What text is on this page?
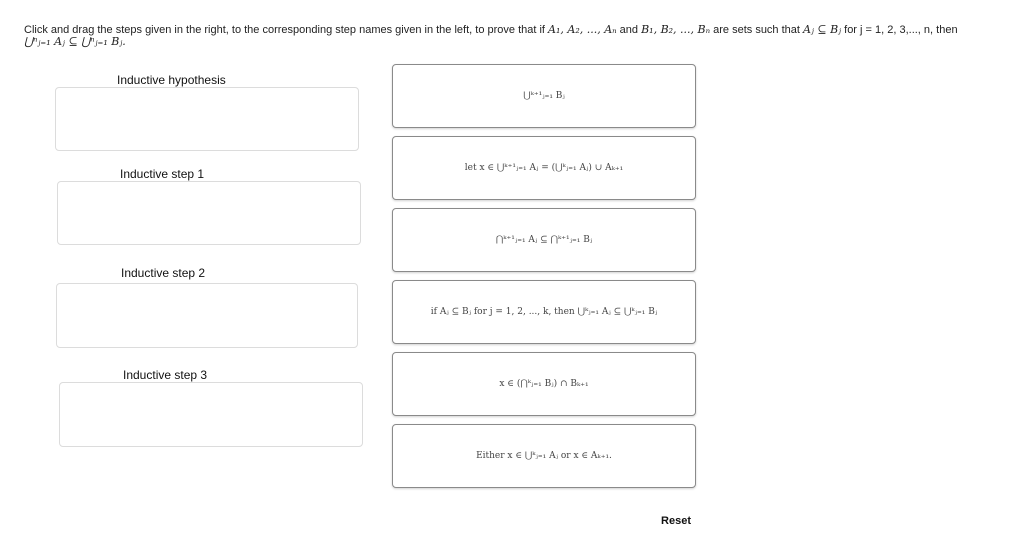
Click and drag the steps given in the right, to the corresponding step names given in the left, to prove that if A₁, A₂, ..., Aₙ and B₁, B₂, ..., Bₙ are sets such that Aⱼ ⊆ Bⱼ for j = 1, 2, 3,..., n, then
⋃ⁿⱼ₌₁ Aⱼ ⊆ ⋃ⁿⱼ₌₁ Bⱼ.
Inductive hypothesis
Inductive step 1
Inductive step 2
Inductive step 3
⋃ᵏ⁺¹ⱼ₌₁ Bⱼ
let x ∈ ⋃ᵏ⁺¹ⱼ₌₁ Aⱼ = (⋃ᵏⱼ₌₁ Aⱼ) ∪ Aₖ₊₁
⋂ᵏ⁺¹ⱼ₌₁ Aⱼ ⊆ ⋂ᵏ⁺¹ⱼ₌₁ Bⱼ
if Aⱼ ⊆ Bⱼ for j = 1, 2, ..., k, then ⋃ᵏⱼ₌₁ Aⱼ ⊆ ⋃ᵏⱼ₌₁ Bⱼ
x ∈ (⋂ᵏⱼ₌₁ Bⱼ) ∩ Bₖ₊₁
Either x ∈ ⋃ᵏⱼ₌₁ Aⱼ or x ∈ Aₖ₊₁.
Reset
